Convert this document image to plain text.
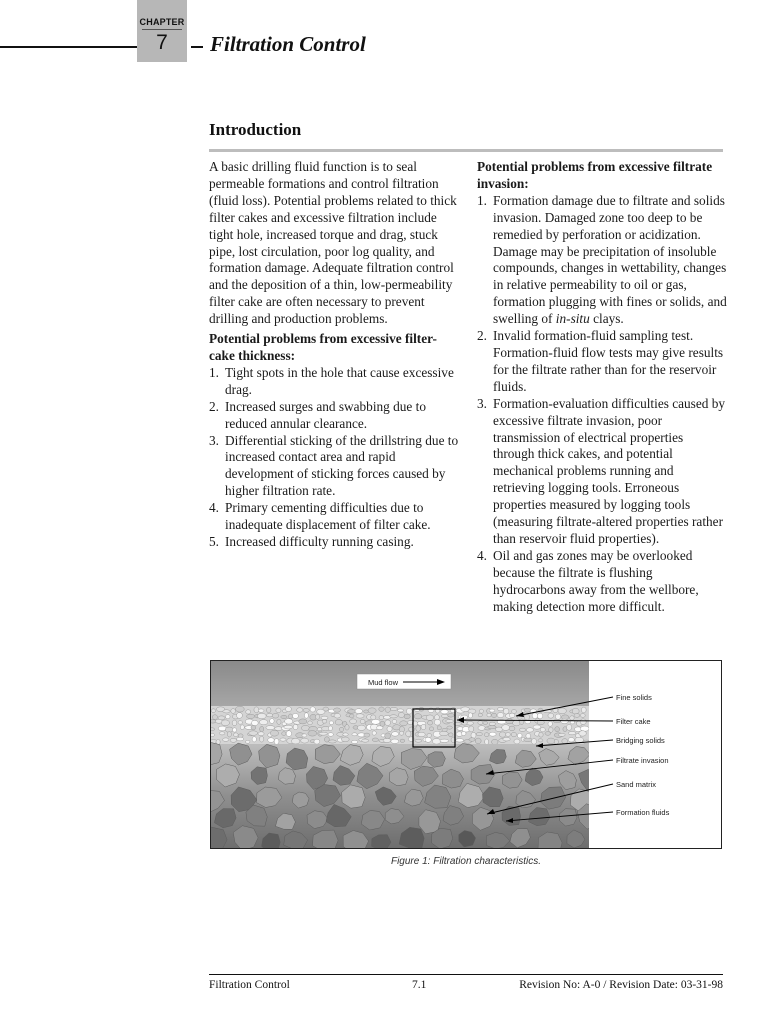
CHAPTER
7	Filtration Control
Introduction

A basic drilling fluid function is to seal permeable formations and control filtration (fluid loss). Potential problems related to thick filter cakes and excessive filtration include tight hole, increased torque and drag, stuck pipe, lost circulation, poor log quality, and formation damage. Adequate filtration control and the deposition of a thin, low-permeability filter cake are often necessary to prevent drilling and production problems.

Potential problems from excessive filter-cake thickness:
1. Tight spots in the hole that cause excessive drag.
2. Increased surges and swabbing due to reduced annular clearance.
3. Differential sticking of the drillstring due to increased contact area and rapid development of sticking forces caused by higher filtration rate.
4. Primary cementing difficulties due to inadequate displacement of filter cake.
5. Increased difficulty running casing.
Potential problems from excessive filtrate invasion:
1. Formation damage due to filtrate and solids invasion. Damaged zone too deep to be remedied by perforation or acidization. Damage may be precipitation of insoluble compounds, changes in wettability, changes in relative permeability to oil or gas, formation plugging with fines or solids, and swelling of in-situ clays.
2. Invalid formation-fluid sampling test. Formation-fluid flow tests may give results for the filtrate rather than for the reservoir fluids.
3. Formation-evaluation difficulties caused by excessive filtrate invasion, poor transmission of electrical properties through thick cakes, and potential mechanical problems running and retrieving logging tools. Erroneous properties measured by logging tools (measuring filtrate-altered properties rather than reservoir fluid properties).
4. Oil and gas zones may be overlooked because the filtrate is flushing hydrocarbons away from the wellbore, making detection more difficult.
Mud flow
Fine solids
Filter cake
Bridging solids
Filtrate invasion
Sand matrix
Formation fluids

Figure 1: Filtration characteristics.

Filtration Control	7.1	Revision No: A-0 / Revision Date: 03-31-98
